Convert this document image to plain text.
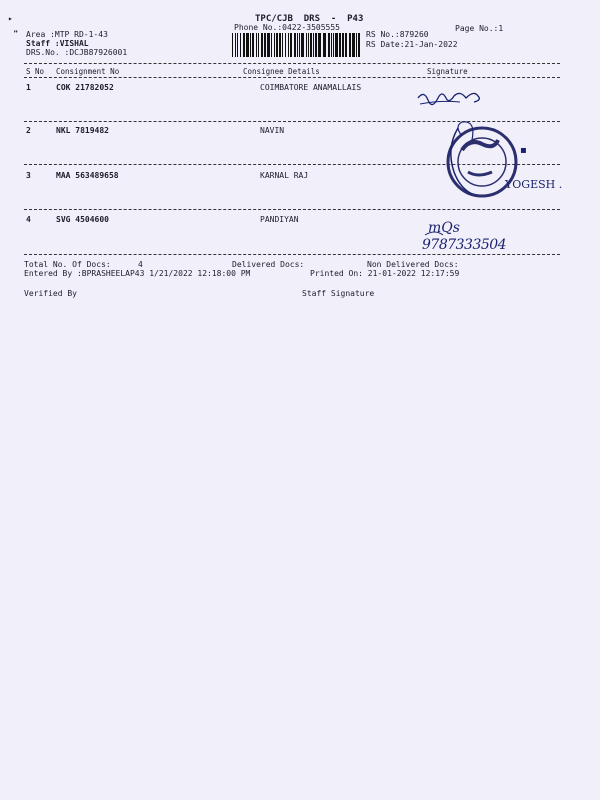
TPC/CJB  DRS  -  P43
Phone No.:0422-3505555	Page No.:1
Area :MTP RD-1-43
Staff :VISHAL
DRS.No. :DCJB87926001
RS No.:879260
RS Date:21-Jan-2022
S No Consignment No	Consignee Details	Signature
1	COK 21782052	COIMBATORE ANAMALLAIS
2	NKL 7819482	NAVIN
3	MAA 563489658	KARNAL RAJ
4	SVG 4504600	PANDIYAN
Total No. Of Docs:	4	Delivered Docs:	Non Delivered Docs:
Entered By :BPRASHEELAP43 1/21/2022 12:18:00 PM	Printed On: 21-01-2022 12:17:59
Verified By	Staff Signature
▪
YOGESH .
mQs
9787333504
▸
❞
